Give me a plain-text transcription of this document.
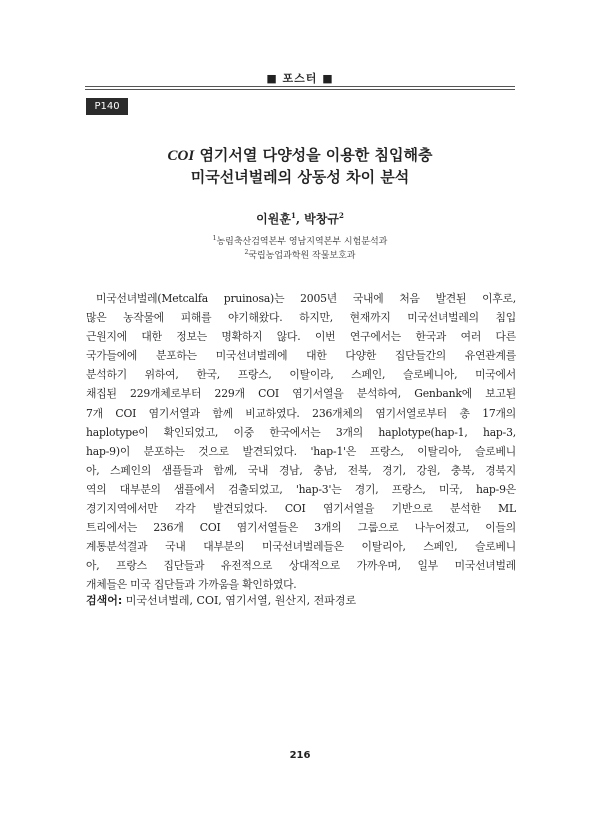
■ 포스터 ■
P140
COI 염기서열 다양성을 이용한 침입해충
미국선녀벌레의 상동성 차이 분석
이원훈$^1$, 박창규$^2$
$^1$농림축산검역본부 영남지역본부 시험분석과
$^2$국립농업과학원 작물보호과
미국선녀벌레(Metcalfa pruinosa)는 2005년 국내에 처음 발견된 이후로,
많은 농작물에 피해를 야기해왔다. 하지만, 현재까지 미국선녀벌레의 침입
근원지에 대한 정보는 명확하지 않다. 이번 연구에서는 한국과 여러 다른
국가들에에 분포하는 미국선녀벌레에 대한 다양한 집단들간의 유연관계를
분석하기 위하여, 한국, 프랑스, 이탈이라, 스페인, 슬로베니아, 미국에서
채집된 229개체로부터 229개 COI 염기서열을 분석하여, Genbank에 보고된
7개 COI 염기서열과 함께 비교하였다. 236개체의 염기서열로부터 총 17개의
haplotype이 확인되었고, 이중 한국에서는 3개의 haplotype(hap-1, hap-3,
hap-9)이 분포하는 것으로 발견되었다. 'hap-1'은 프랑스, 이탈리아, 슬로베니
아, 스페인의 샘플들과 함께, 국내 경남, 충남, 전북, 경기, 강원, 충북, 경북지
역의 대부분의 샘플에서 검출되었고, 'hap-3'는 경기, 프랑스, 미국, hap-9은
경기지역에서만 각각 발견되었다. COI 염기서열을 기반으로 분석한 ML
트리에서는 236개 COI 염기서열들은 3개의 그룹으로 나누어졌고, 이들의
계통분석결과 국내 대부분의 미국선녀벌레들은 이탈리아, 스페인, 슬로베니
아, 프랑스 집단들과 유전적으로 상대적으로 가까우며, 일부 미국선녀벌레
개체들은 미국 집단들과 가까움을 확인하였다.
검색어: 미국선녀벌레, COI, 염기서열, 원산지, 전파경로
216
